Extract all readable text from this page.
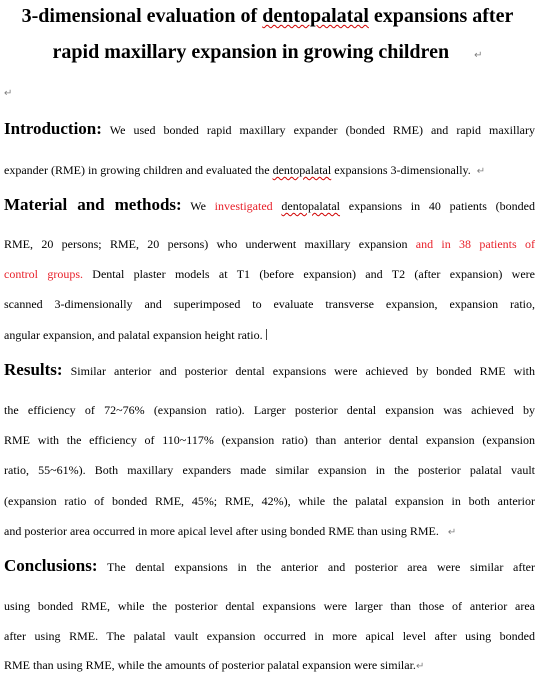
3-dimensional evaluation of dentopalatal expansions after
rapid maxillary expansion in growing children	↵
↵
Introduction: We used bonded rapid maxillary expander (bonded RME) and rapid maxillary
expander (RME) in growing children and evaluated the dentopalatal expansions 3-dimensionally. ↵
Material and methods: We investigated dentopalatal expansions in 40 patients (bonded
RME, 20 persons; RME, 20 persons) who underwent maxillary expansion and in 38 patients of
control groups. Dental plaster models at T1 (before expansion) and T2 (after expansion) were
scanned 3-dimensionally and superimposed to evaluate transverse expansion, expansion ratio,
angular expansion, and palatal expansion height ratio.
Results: Similar anterior and posterior dental expansions were achieved by bonded RME with
the efficiency of 72~76% (expansion ratio). Larger posterior dental expansion was achieved by
RME with the efficiency of 110~117% (expansion ratio) than anterior dental expansion (expansion
ratio, 55~61%). Both maxillary expanders made similar expansion in the posterior palatal vault
(expansion ratio of bonded RME, 45%; RME, 42%), while the palatal expansion in both anterior
and posterior area occurred in more apical level after using bonded RME than using RME. ↵
Conclusions: The dental expansions in the anterior and posterior area were similar after
using bonded RME, while the posterior dental expansions were larger than those of anterior area
after using RME. The palatal vault expansion occurred in more apical level after using bonded
RME than using RME, while the amounts of posterior palatal expansion were similar.↵
